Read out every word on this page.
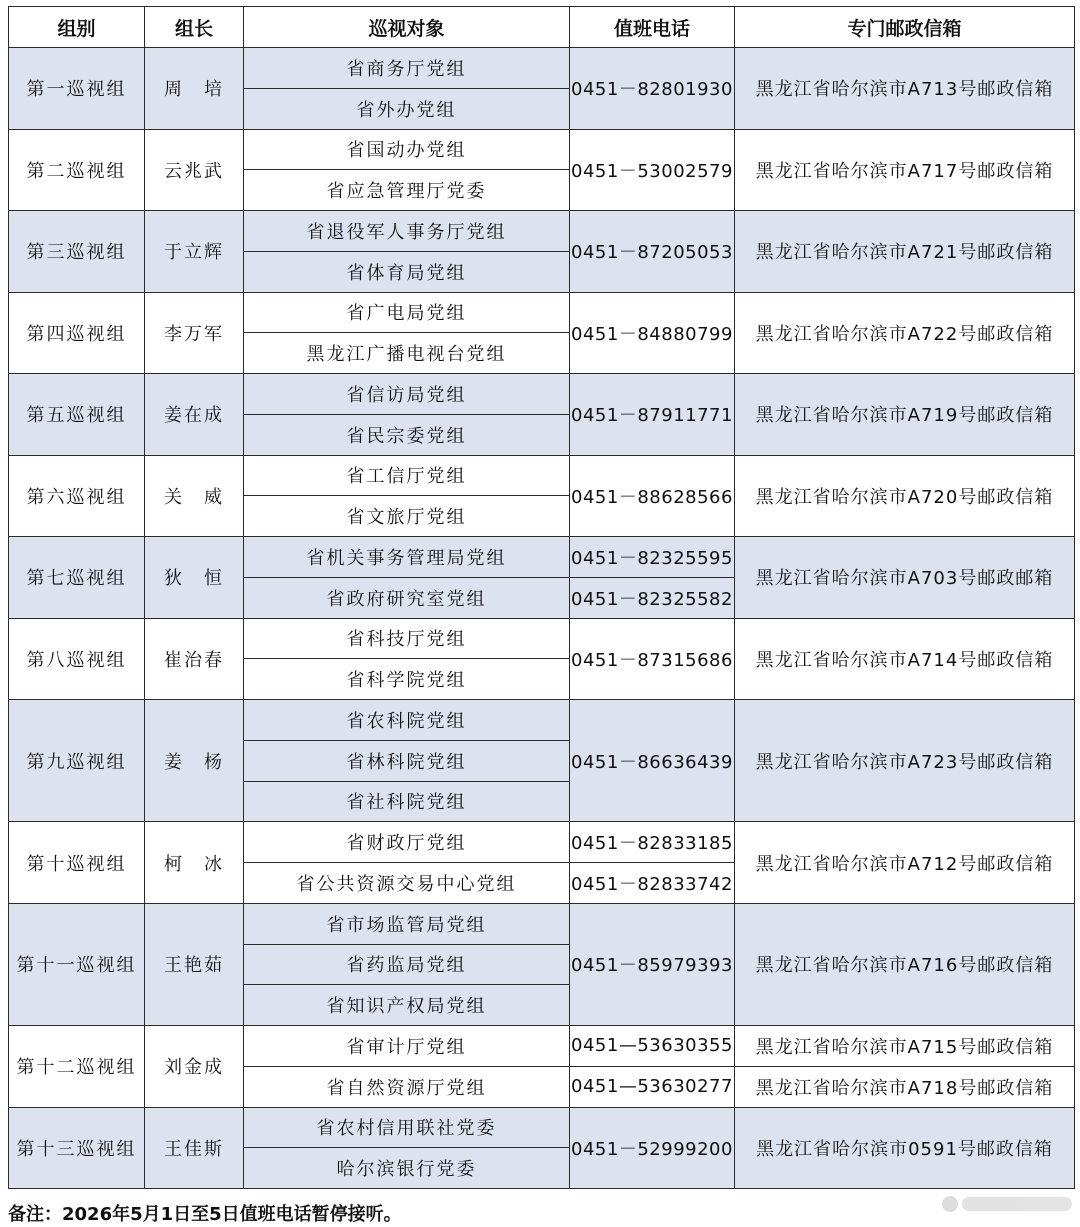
组别	组长	巡视对象	值班电话	专门邮政信箱
第一巡视组	周　培	省商务厅党组	0451－82801930	黑龙江省哈尔滨市A713号邮政信箱
		省外办党组		
第二巡视组	云兆武	省国动办党组	0451－53002579	黑龙江省哈尔滨市A717号邮政信箱
		省应急管理厅党委		
第三巡视组	于立辉	省退役军人事务厅党组	0451－87205053	黑龙江省哈尔滨市A721号邮政信箱
		省体育局党组		
第四巡视组	李万军	省广电局党组	0451－84880799	黑龙江省哈尔滨市A722号邮政信箱
		黑龙江广播电视台党组		
第五巡视组	姜在成	省信访局党组	0451－87911771	黑龙江省哈尔滨市A719号邮政信箱
		省民宗委党组		
第六巡视组	关　威	省工信厅党组	0451－88628566	黑龙江省哈尔滨市A720号邮政信箱
		省文旅厅党组		
第七巡视组	狄　恒	省机关事务管理局党组	0451－82325595	黑龙江省哈尔滨市A703号邮政邮箱
		省政府研究室党组	0451－82325582	
第八巡视组	崔治春	省科技厅党组	0451－87315686	黑龙江省哈尔滨市A714号邮政信箱
		省科学院党组		
第九巡视组	姜　杨	省农科院党组	0451－86636439	黑龙江省哈尔滨市A723号邮政信箱
		省林科院党组		
		省社科院党组		
第十巡视组	柯　冰	省财政厅党组	0451－82833185	黑龙江省哈尔滨市A712号邮政信箱
		省公共资源交易中心党组	0451－82833742	
第十一巡视组	王艳茹	省市场监管局党组	0451－85979393	黑龙江省哈尔滨市A716号邮政信箱
		省药监局党组		
		省知识产权局党组		
第十二巡视组	刘金成	省审计厅党组	0451—53630355	黑龙江省哈尔滨市A715号邮政信箱
		省自然资源厅党组	0451—53630277	黑龙江省哈尔滨市A718号邮政信箱
第十三巡视组	王佳斯	省农村信用联社党委	0451－52999200	黑龙江省哈尔滨市0591号邮政信箱
		哈尔滨银行党委		
备注：2026年5月1日至5日值班电话暂停接听。
